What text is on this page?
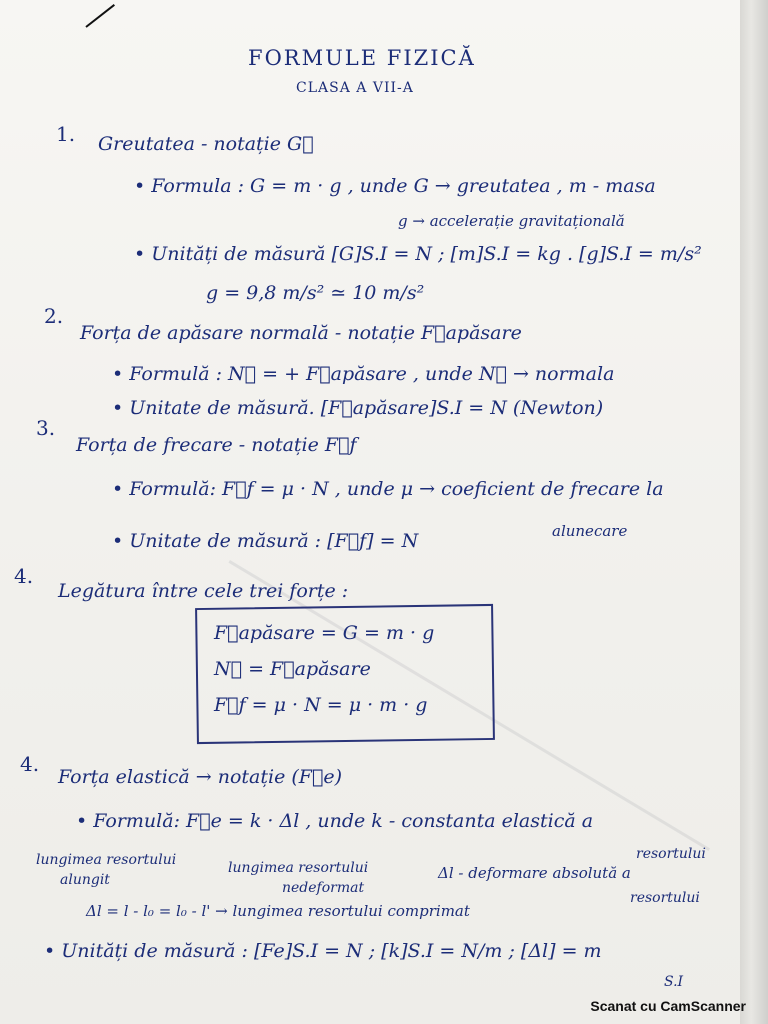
FORMULE FIZICĂ
CLASA A VII-A
1. Greutatea - notație G⃗
• Formula : G = m · g , unde G → greutatea , m - masa
g → accelerație gravitațională
• Unități de măsură [G]S.I = N ; [m]S.I = kg . [g]S.I = m/s²
g = 9,8 m/s² ≃ 10 m/s²
2.
Forța de apăsare normală - notație F⃗apăsare
• Formulă : N⃗ = + F⃗apăsare , unde N⃗ → normala
• Unitate de măsură. [F⃗apăsare]S.I = N (Newton)
3.
Forța de frecare - notație F⃗f
• Formulă: F⃗f = μ · N , unde μ → coeficient de frecare la
alunecare
• Unitate de măsură : [F⃗f] = N
4.
Legătura între cele trei forțe :
F⃗apăsare = G = m · g
N⃗ = F⃗apăsare
F⃗f = μ · N = μ · m · g
4.
Forța elastică → notație (F⃗e)
• Formulă: F⃗e = k · Δl , unde k - constanta elastică a
resortului
lungimea resortului
alungit
lungimea resortului
nedeformat
Δl - deformare absolută a
resortului
Δl = l - l₀ = l₀ - l' → lungimea resortului comprimat
• Unități de măsură : [Fe]S.I = N ; [k]S.I = N/m ; [Δl] = m
S.I
Scanat cu CamScanner
